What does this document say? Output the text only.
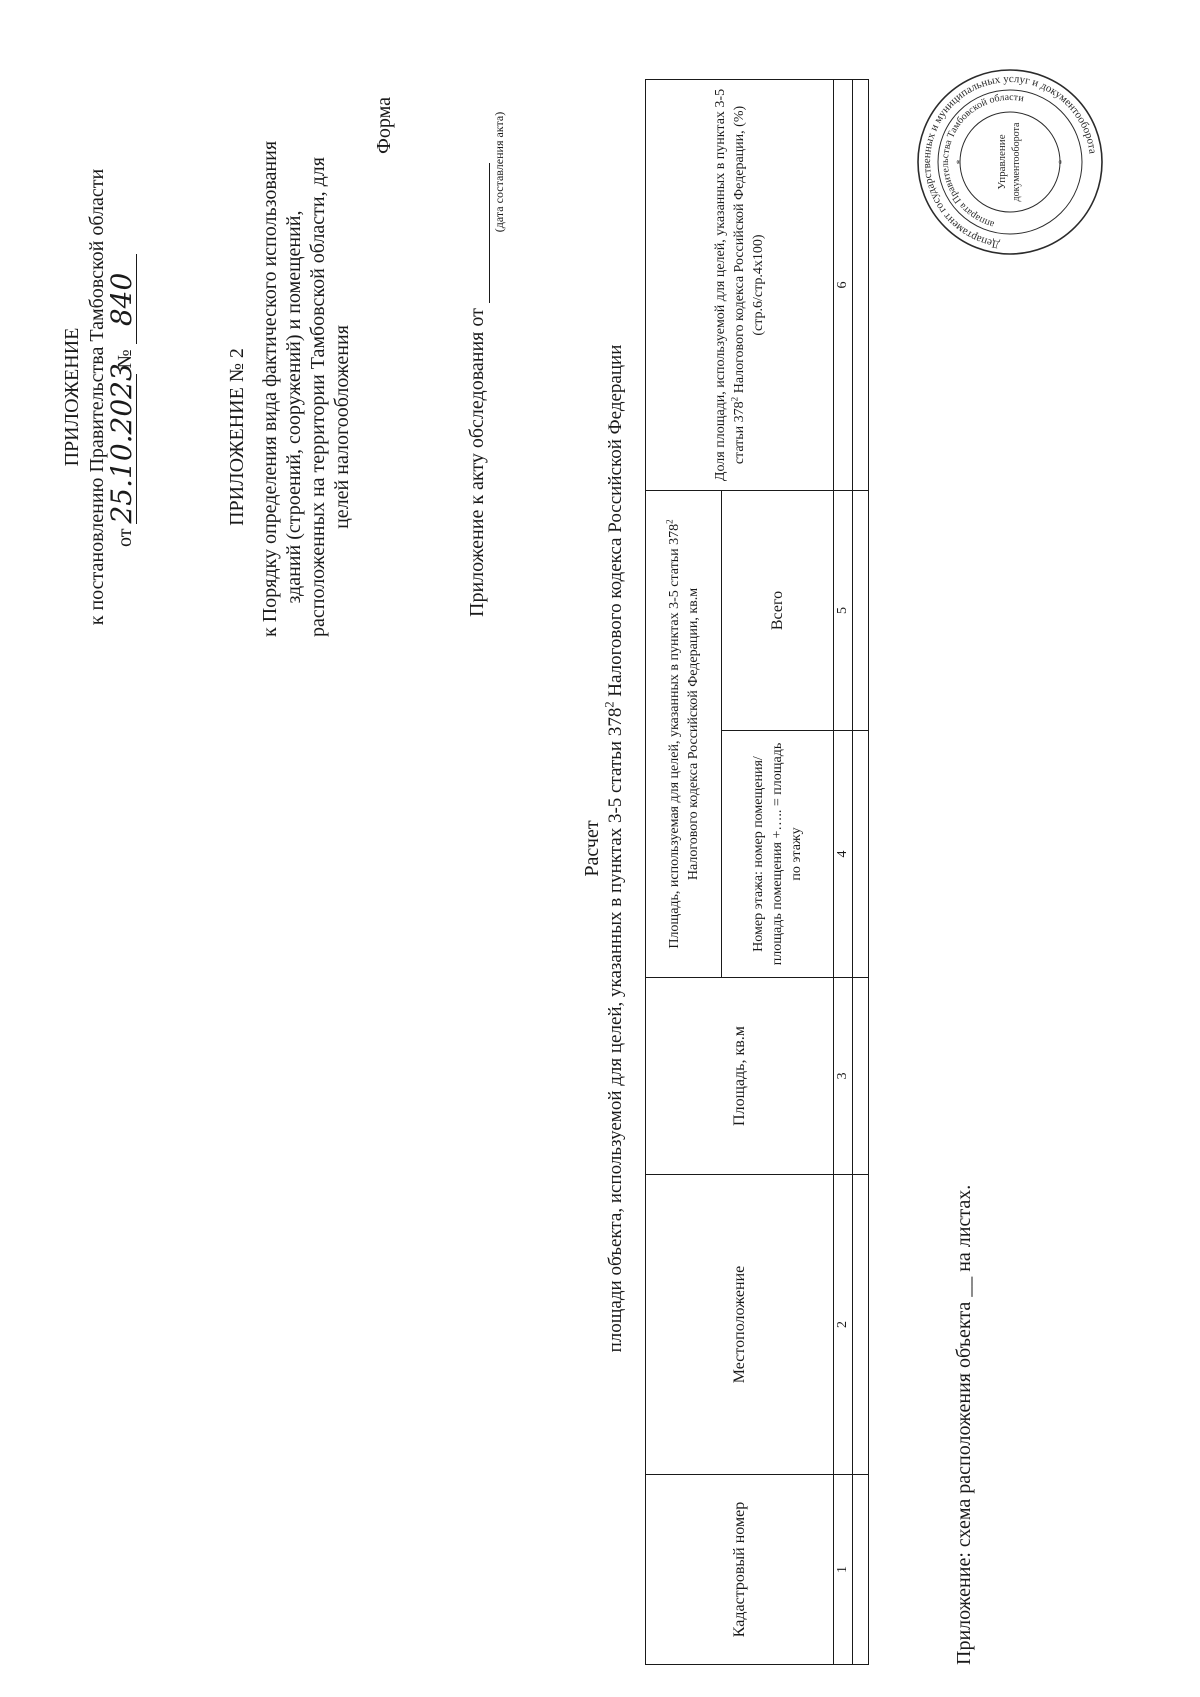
ПРИЛОЖЕНИЕ к постановлению Правительства Тамбовской области от 25.10.2023 № 840
ПРИЛОЖЕНИЕ № 2 к Порядку определения вида фактического использования зданий (строений, сооружений) и помещений, расположенных на территории Тамбовской области, для целей налогообложения
Форма
Приложение к акту обследования от
(дата составления акта)
Расчет площади объекта, используемой для целей, указанных в пунктах 3-5 статьи $378^2$ Налогового кодекса Российской Федерации
Кадастровый номер	Местоположение	Площадь, кв.м	Площадь, используемая для целей, указанных в пунктах 3-5 статьи $378^2$ Налогового кодекса Российской Федерации, кв.м		Доля площади, используемой для целей, указанных в пунктах 3-5 статьи $378^2$ Налогового кодекса Российской Федерации, (%) (стр.6/стр.4х100)
			Номер этажа: номер помещения/площадь помещения +….. = площадь по этажу	Всего	
1	2	3	4	5	6

Приложение: схема расположения объекта __ на листах.
Департамент государственных и муниципальных услуг и документооборота
аппарата Правительства Тамбовской области
Управление документооборота
*	*
